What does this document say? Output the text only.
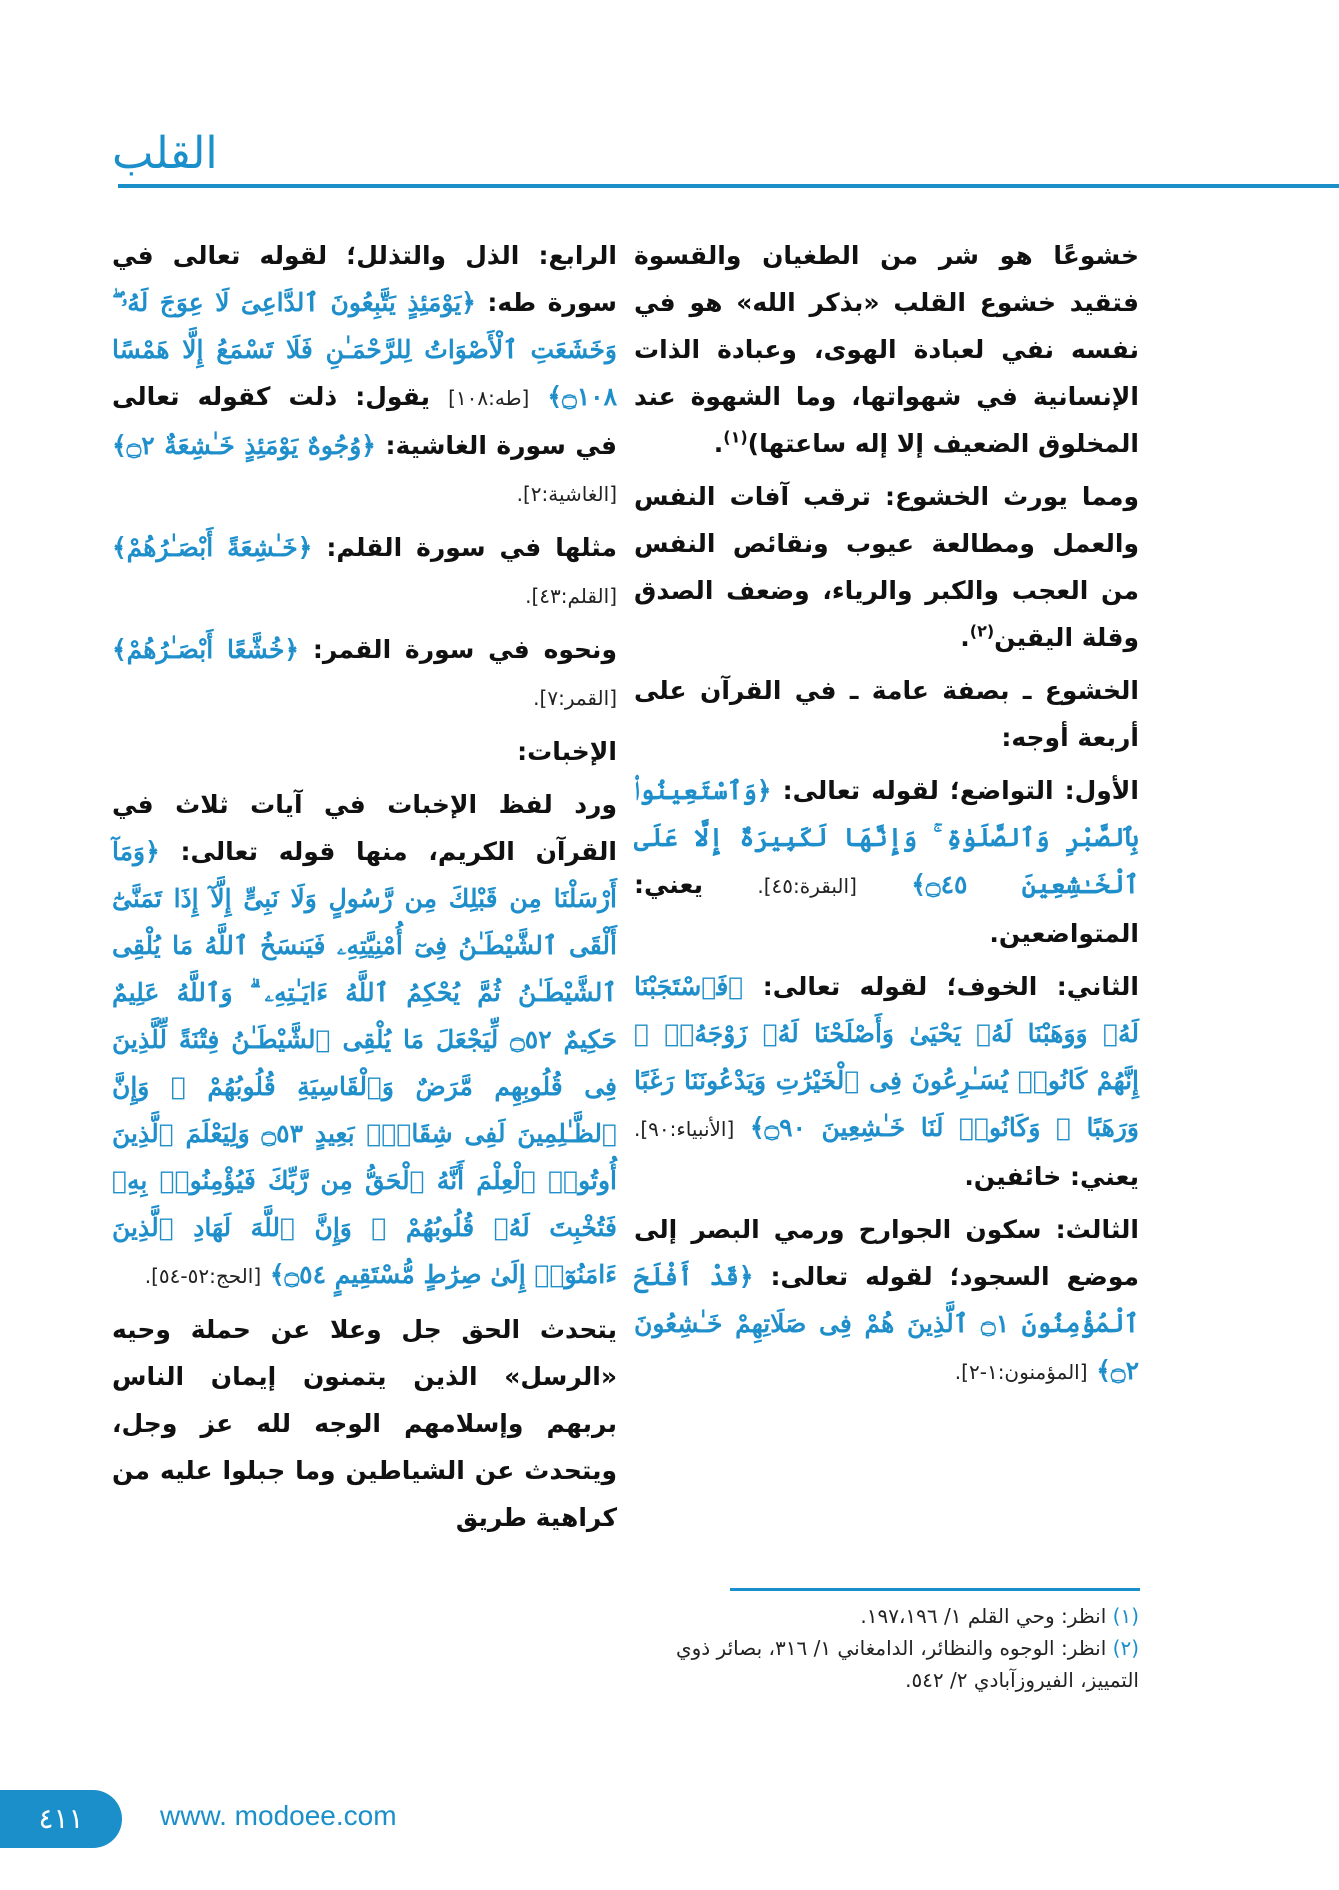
القلب

خشوعًا هو شر من الطغيان والقسوة فتقيد خشوع القلب «بذكر الله» هو في نفسه نفي لعبادة الهوى، وعبادة الذات الإنسانية في شهواتها، وما الشهوة عند المخلوق الضعيف إلا إله ساعتها)$^{(١)}$.

ومما يورث الخشوع: ترقب آفات النفس والعمل ومطالعة عيوب ونقائص النفس من العجب والكبر والرياء، وضعف الصدق وقلة اليقين$^{(٢)}$.

الخشوع ـ بصفة عامة ـ في القرآن على أربعة أوجه:

الأول: التواضع؛ لقوله تعالى: ﴿وَٱسْتَعِينُوا۟ بِٱلصَّبْرِ وَٱلصَّلَوٰةِ ۚ وَإِنَّهَا لَكَبِيرَةٌ إِلَّا عَلَى ٱلْخَـٰشِعِينَ ۝٤٥﴾ [البقرة:٤٥]. يعني: المتواضعين.

الثاني: الخوف؛ لقوله تعالى: ﴿فَٱسْتَجَبْنَا لَهُۥ وَوَهَبْنَا لَهُۥ يَحْيَىٰ وَأَصْلَحْنَا لَهُۥ زَوْجَهُۥٓ ۚ إِنَّهُمْ كَانُوا۟ يُسَـٰرِعُونَ فِى ٱلْخَيْرَٰتِ وَيَدْعُونَنَا رَغَبًا وَرَهَبًا ۖ وَكَانُوا۟ لَنَا خَـٰشِعِينَ ۝٩٠﴾ [الأنبياء:٩٠]. يعني: خائفين.

الثالث: سكون الجوارح ورمي البصر إلى موضع السجود؛ لقوله تعالى: ﴿قَدْ أَفْلَحَ ٱلْمُؤْمِنُونَ ۝١ ٱلَّذِينَ هُمْ فِى صَلَاتِهِمْ خَـٰشِعُونَ ۝٢﴾ [المؤمنون:١-٢].

الرابع: الذل والتذلل؛ لقوله تعالى في سورة طه: ﴿يَوْمَئِذٍ يَتَّبِعُونَ ٱلدَّاعِىَ لَا عِوَجَ لَهُۥ ۖ وَخَشَعَتِ ٱلْأَصْوَاتُ لِلرَّحْمَـٰنِ فَلَا تَسْمَعُ إِلَّا هَمْسًا ۝١٠٨﴾ [طه:١٠٨] يقول: ذلت كقوله تعالى في سورة الغاشية: ﴿وُجُوهٌ يَوْمَئِذٍ خَـٰشِعَةٌ ۝٢﴾ [الغاشية:٢].

مثلها في سورة القلم: ﴿خَـٰشِعَةً أَبْصَـٰرُهُمْ﴾ [القلم:٤٣].

ونحوه في سورة القمر: ﴿خُشَّعًا أَبْصَـٰرُهُمْ﴾ [القمر:٧].

الإخبات:

ورد لفظ الإخبات في آيات ثلاث في القرآن الكريم، منها قوله تعالى: ﴿وَمَآ أَرْسَلْنَا مِن قَبْلِكَ مِن رَّسُولٍ وَلَا نَبِىٍّ إِلَّآ إِذَا تَمَنَّىٰٓ أَلْقَى ٱلشَّيْطَـٰنُ فِىٓ أُمْنِيَّتِهِۦ فَيَنسَخُ ٱللَّهُ مَا يُلْقِى ٱلشَّيْطَـٰنُ ثُمَّ يُحْكِمُ ٱللَّهُ ءَايَـٰتِهِۦ ۗ وَٱللَّهُ عَلِيمٌ حَكِيمٌ ۝٥٢ لِّيَجْعَلَ مَا يُلْقِى ٱلشَّيْطَـٰنُ فِتْنَةً لِّلَّذِينَ فِى قُلُوبِهِم مَّرَضٌ وَٱلْقَاسِيَةِ قُلُوبُهُمْ ۗ وَإِنَّ ٱلظَّـٰلِمِينَ لَفِى شِقَاقٍۭ بَعِيدٍ ۝٥٣ وَلِيَعْلَمَ ٱلَّذِينَ أُوتُوا۟ ٱلْعِلْمَ أَنَّهُ ٱلْحَقُّ مِن رَّبِّكَ فَيُؤْمِنُوا۟ بِهِۦ فَتُخْبِتَ لَهُۥ قُلُوبُهُمْ ۗ وَإِنَّ ٱللَّهَ لَهَادِ ٱلَّذِينَ ءَامَنُوٓا۟ إِلَىٰ صِرَٰطٍ مُّسْتَقِيمٍ ۝٥٤﴾ [الحج:٥٢-٥٤].

يتحدث الحق جل وعلا عن حملة وحيه «الرسل» الذين يتمنون إيمان الناس بربهم وإسلامهم الوجه لله عز وجل، ويتحدث عن الشياطين وما جبلوا عليه من كراهية طريق

(١) انظر: وحي القلم ١/ ١٩٧،١٩٦.
(٢) انظر: الوجوه والنظائر، الدامغاني ١/ ٣١٦، بصائر ذوي التمييز، الفيروزآبادي ٢/ ٥٤٢.
٤١١	www. modoee.com
